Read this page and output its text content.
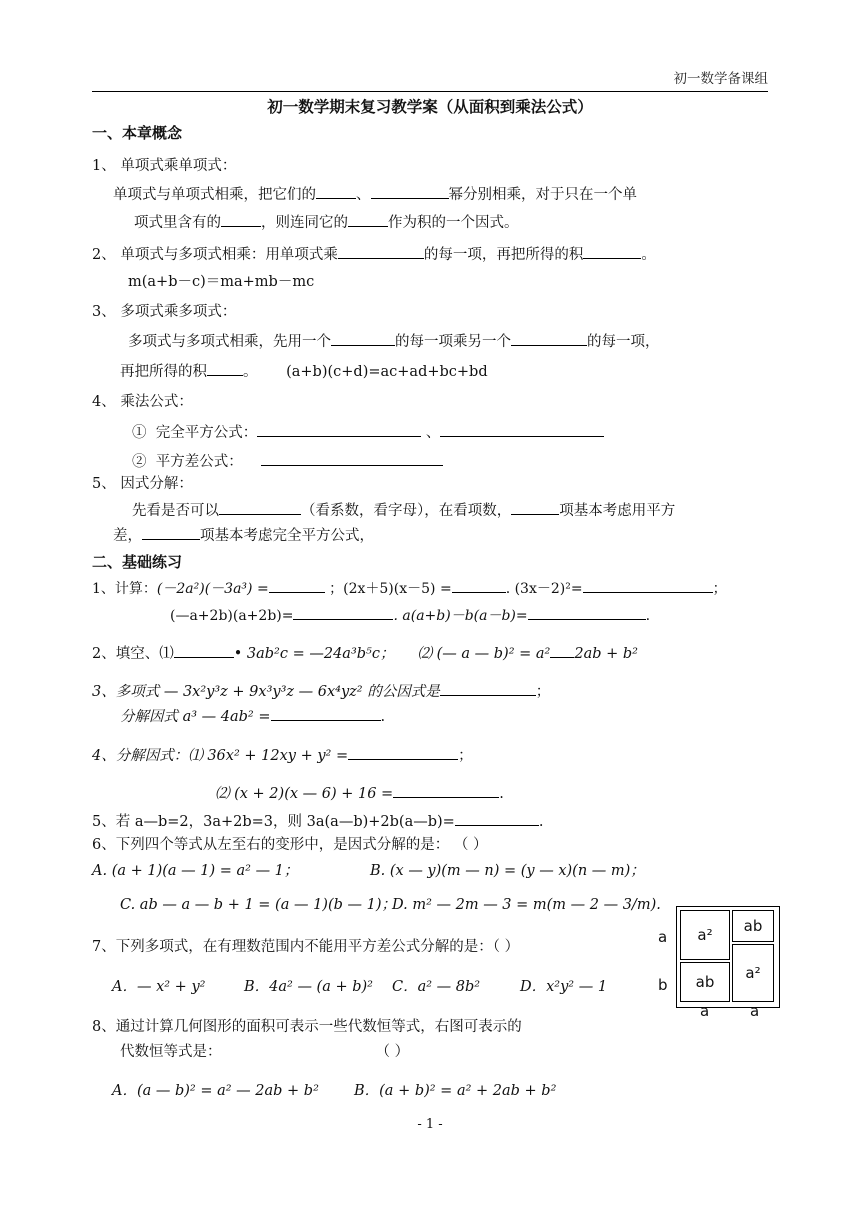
初一数学备课组
初一数学期末复习教学案（从面积到乘法公式）
一、本章概念
1、 单项式乘单项式：
单项式与单项式相乘，把它们的	、	幂分别相乘，对于只在一个单
项式里含有的	，则连同它的	作为积的一个因式。
2、 单项式与多项式相乘：用单项式乘	的每一项，再把所得的积	。
m(a+b－c)＝ma+mb－mc
3、 多项式乘多项式：
多项式与多项式相乘，先用一个	的每一项乘另一个	的每一项，
再把所得的积 。 (a+b)(c+d)=ac+ad+bc+bd
4、 乘法公式：
① 完全平方公式：	、
② 平方差公式：
5、 因式分解：
先看是否可以	（看系数，看字母），在看项数，	项基本考虑用平方
差，	项基本考虑完全平方公式，
二、基础练习
1、计算：(－2a²)(－3a³) =	；(2x＋5)(x－5) =	. (3x－2)²=	；
(—a+2b)(a+2b)=	. a(a+b)－b(a－b)=	.
2、填空、⑴	• 3ab²c = —24a³b⁵c； ⑵ (— a — b)² = a² 2ab + b²
3、多项式 — 3x²y³z + 9x³y³z — 6x⁴yz² 的公因式是	；
分解因式 a³ — 4ab² =	.
4、分解因式：⑴ 36x² + 12xy + y² =	；
⑵ (x + 2)(x — 6) + 16 =	.
5、若 a—b=2，3a+2b=3，则 3a(a—b)+2b(a—b)=	.
6、下列四个等式从左至右的变形中，是因式分解的是： （ ）
A. (a + 1)(a — 1) = a² — 1；	B. (x — y)(m — n) = (y — x)(n — m)；
C. ab — a — b + 1 = (a — 1)(b — 1)；
D. m² — 2m — 3 = m(m — 2 — 3/m).
7、下列多项式，在有理数范围内不能用平方差公式分解的是：（ ）
A．— x² + y²	B．4a² — (a + b)² C．a² — 8b²	D．x²y² — 1
8、通过计算几何图形的面积可表示一些代数恒等式，右图可表示的
代数恒等式是：	（ ）
A．(a — b)² = a² — 2ab + b² B．(a + b)² = a² + 2ab + b²
a
b
a²	ab
ab	a²
a	a
- 1 -
